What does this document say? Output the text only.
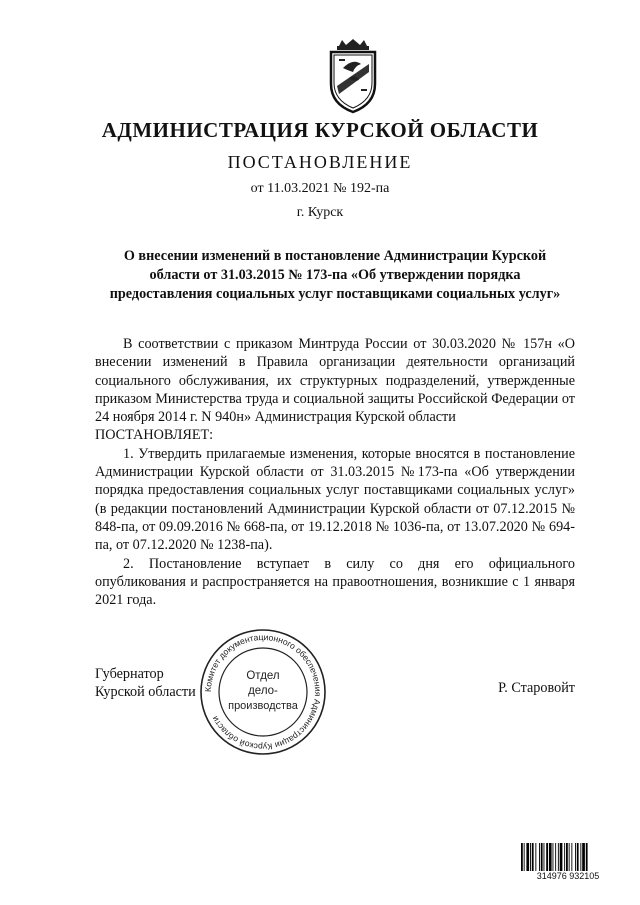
АДМИНИСТРАЦИЯ КУРСКОЙ ОБЛАСТИ
ПОСТАНОВЛЕНИЕ
от 11.03.2021 № 192-па
г. Курск
О внесении изменений в постановление Администрации Курской
области от 31.03.2015 № 173-па «Об утверждении порядка
предоставления социальных услуг поставщиками социальных услуг»

В соответствии с приказом Минтруда России от 30.03.2020 № 157н «О внесении изменений в Правила организации деятельности организаций социального обслуживания, их структурных подразделений, утвержденные приказом Министерства труда и социальной защиты Российской Федерации от 24 ноября 2014 г. N 940н» Администрация Курской области

ПОСТАНОВЛЯЕТ:

1. Утвердить прилагаемые изменения, которые вносятся в постановление Администрации Курской области от 31.03.2015 №173-па «Об утверждении порядка предоставления социальных услуг поставщиками социальных услуг» (в редакции постановлений Администрации Курской области от 07.12.2015 № 848-па, от 09.09.2016 № 668-па, от 19.12.2018 № 1036-па, от 13.07.2020 № 694-па, от 07.12.2020 № 1238-па).

2. Постановление вступает в силу со дня его официального опубликования и распространяется на правоотношения, возникшие с 1 января 2021 года.

Губернатор
Курской области Комитет документационного обеспечения Администрации Курской области
Отдел
дело-
производства
Р. Старовойт
314976 932105
